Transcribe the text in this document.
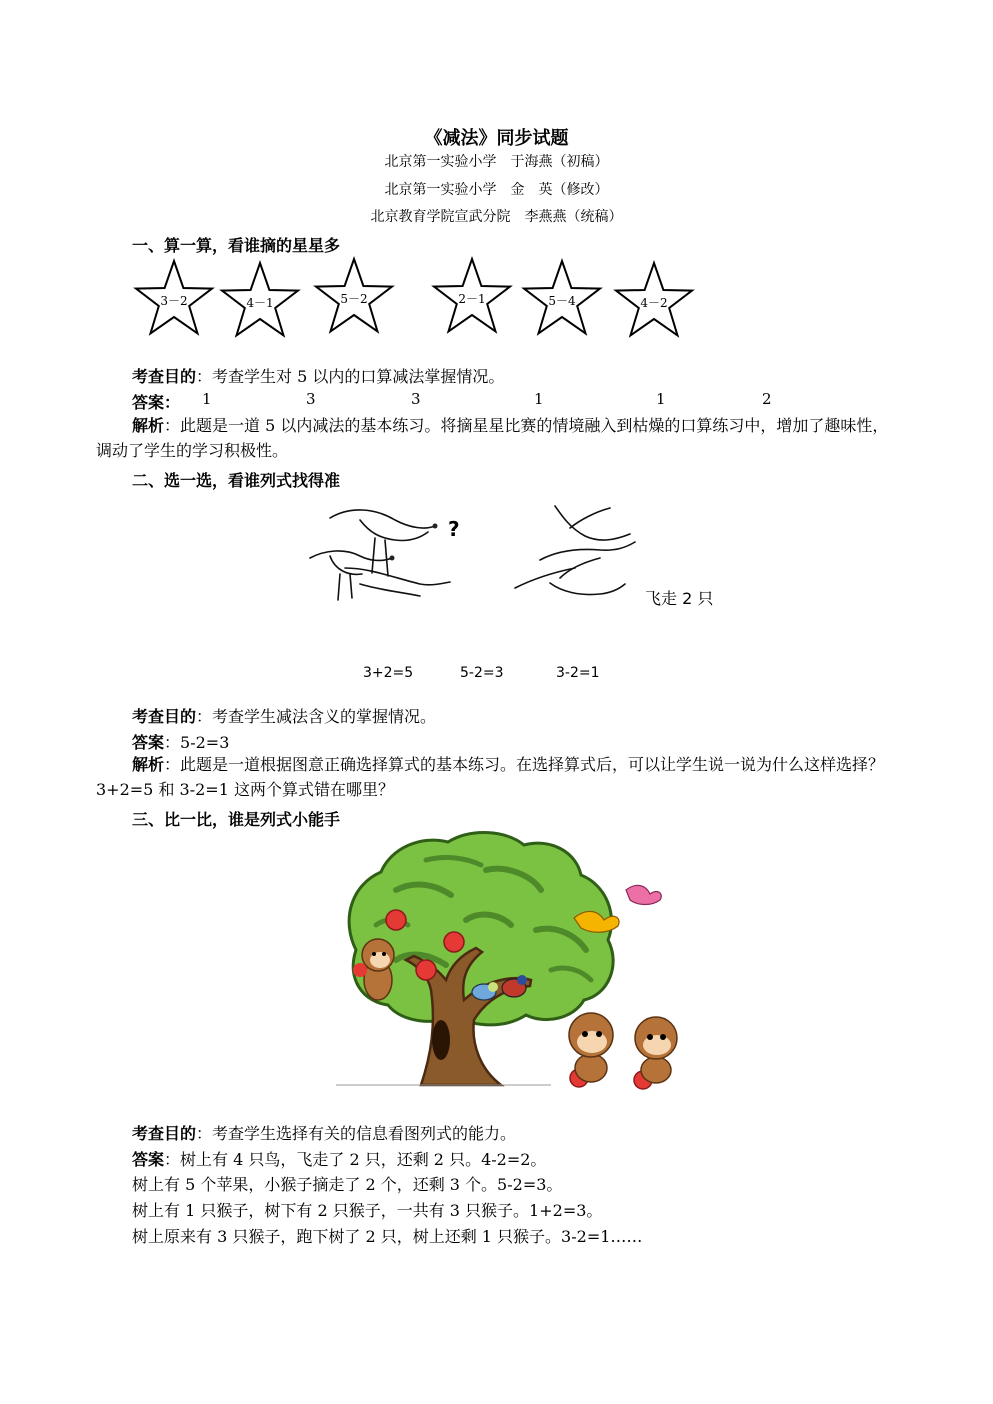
《减法》同步试题
北京第一实验小学　于海燕（初稿）
北京第一实验小学　金　英（修改）
北京教育学院宣武分院　李燕燕（统稿）
一、算一算，看谁摘的星星多
3－2	4－1	5－2	2－1	5－4	4－2
考查目的：考查学生对 5 以内的口算减法掌握情况。
答案： 1	3	3	1	1	2
解析：此题是一道 5 以内减法的基本练习。将摘星星比赛的情境融入到枯燥的口算练习中，增加了趣味性，调动了学生的学习积极性。
二、选一选，看谁列式找得准
?
飞走 2 只
3+2=5	5-2=3	3-2=1
考查目的：考查学生减法含义的掌握情况。
答案：5-2=3
解析：此题是一道根据图意正确选择算式的基本练习。在选择算式后，可以让学生说一说为什么这样选择？3+2=5 和 3-2=1 这两个算式错在哪里？
三、比一比，谁是列式小能手
考查目的：考查学生选择有关的信息看图列式的能力。
答案：树上有 4 只鸟，飞走了 2 只，还剩 2 只。4-2=2。
树上有 5 个苹果，小猴子摘走了 2 个，还剩 3 个。5-2=3。
树上有 1 只猴子，树下有 2 只猴子，一共有 3 只猴子。1+2=3。
树上原来有 3 只猴子，跑下树了 2 只，树上还剩 1 只猴子。3-2=1……
